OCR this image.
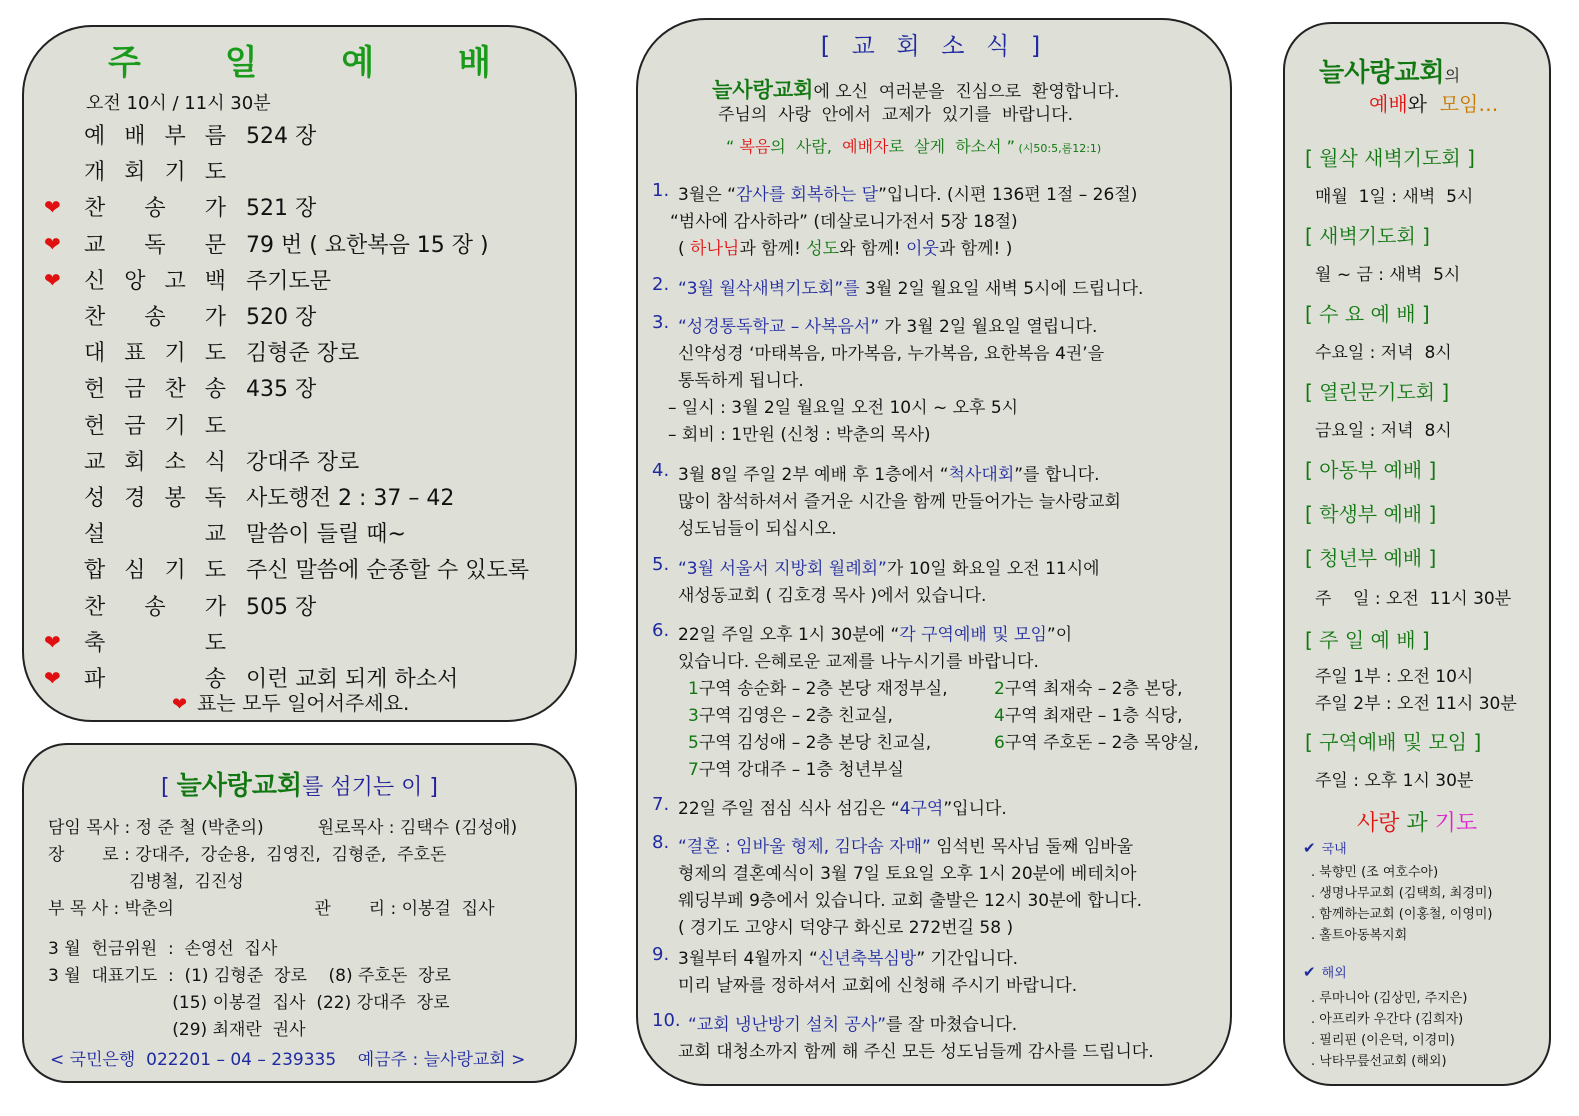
주 일 예 배
오전 10시 / 11시 30분
예 배 부 름 524 장
개 회 기 도
❤ 찬 송 가 521 장
❤ 교 독 문 79 번 ( 요한복음 15 장 )
❤ 신 앙 고 백 주기도문
찬 송 가 520 장
대 표 기 도 김형준 장로
헌 금 찬 송 435 장
헌 금 기 도
교 회 소 식 강대주 장로
성 경 봉 독 사도행전 2 : 37 – 42
설	교 말씀이 들릴 때~
합 심 기 도 주신 말씀에 순종할 수 있도록
찬 송 가 505 장
❤ 축	도
❤ 파	송 이런 교회 되게 하소서
❤ 표는 모두 일어서주세요.
[ 늘사랑교회를 섬기는 이 ]
담임 목사 : 정 준 철 (박춘의)          원로목사 : 김택수 (김성애)
장       로 : 강대주,  강순용,  김영진,  김형준,  주호돈
김병철,  김진성
부 목 사 : 박춘의                          관       리 : 이봉걸  집사
3 월  헌금위원  :  손영선  집사
3 월  대표기도  :  (1) 김형준  장로    (8) 주호돈  장로
(15) 이봉걸  집사  (22) 강대주  장로
(29) 최재란  권사
< 국민은행  022201 – 04 – 239335    예금주 : 늘사랑교회 >
[ 교 회 소 식 ]
늘사랑교회에 오신  여러분을  진심으로  환영합니다.
주님의  사랑  안에서  교제가  있기를  바랍니다.
“ 복음의  사람,  예배자로  살게  하소서 ” (시50:5,롬12:1)
1. 3월은 “감사를 회복하는 달”입니다. (시편 136편 1절 – 26절)
“범사에 감사하라” (데살로니가전서 5장 18절)
( 하나님과 함께! 성도와 함께! 이웃과 함께! )
2. “3월 월삭새벽기도회”를 3월 2일 월요일 새벽 5시에 드립니다.
3. “성경통독학교 – 사복음서” 가 3월 2일 월요일 열립니다.
신약성경 ‘마태복음, 마가복음, 누가복음, 요한복음 4권’을
통독하게 됩니다.
– 일시 : 3월 2일 월요일 오전 10시 ~ 오후 5시
– 회비 : 1만원 (신청 : 박춘의 목사)
4. 3월 8일 주일 2부 예배 후 1층에서 “척사대회”를 합니다.
많이 참석하셔서 즐거운 시간을 함께 만들어가는 늘사랑교회
성도님들이 되십시오.
5. “3월 서울서 지방회 월례회”가 10일 화요일 오전 11시에
새성동교회 ( 김호경 목사 )에서 있습니다.
6. 22일 주일 오후 1시 30분에 “각 구역예배 및 모임”이
있습니다. 은혜로운 교제를 나누시기를 바랍니다.
1구역 송순화 – 2층 본당 재정부실,	2구역 최재숙 – 2층 본당,
3구역 김영은 – 2층 친교실,	4구역 최재란 – 1층 식당,
5구역 김성애 – 2층 본당 친교실,	6구역 주호돈 – 2층 목양실,
7구역 강대주 – 1층 청년부실
7. 22일 주일 점심 식사 섬김은 “4구역”입니다.
8. “결혼 : 임바울 형제, 김다솜 자매” 임석빈 목사님 둘째 임바울
형제의 결혼예식이 3월 7일 토요일 오후 1시 20분에 베테치아
웨딩부페 9층에서 있습니다. 교회 출발은 12시 30분에 합니다.
( 경기도 고양시 덕양구 화신로 272번길 58 )
9. 3월부터 4월까지 “신년축복심방” 기간입니다.
미리 날짜를 정하셔서 교회에 신청해 주시기 바랍니다.
10. “교회 냉난방기 설치 공사”를 잘 마쳤습니다.
교회 대청소까지 함께 해 주신 모든 성도님들께 감사를 드립니다.
늘사랑교회의
예배와  모임…
[ 월삭 새벽기도회 ]
매월  1일 : 새벽  5시
[ 새벽기도회 ]
월 ~ 금 : 새벽  5시
[ 수 요 예 배 ]
수요일 : 저녁  8시
[ 열린문기도회 ]
금요일 : 저녁  8시
[ 아동부 예배 ]
[ 학생부 예배 ]
[ 청년부 예배 ]
주    일 : 오전  11시 30분
[ 주 일 예 배 ]
주일 1부 : 오전 10시
주일 2부 : 오전 11시 30분
[ 구역예배 및 모임 ]
주일 : 오후 1시 30분
사랑 과 기도
✔ 국내
. 북향민 (조 여호수아)
. 생명나무교회 (김택희, 최경미)
. 함께하는교회 (이홍철, 이영미)
. 홀트아동복지회
✔ 해외
. 루마니아 (김상민, 주지은)
. 아프리카 우간다 (김희자)
. 필리핀 (이은덕, 이경미)
. 낙타무릎선교회 (해외)
